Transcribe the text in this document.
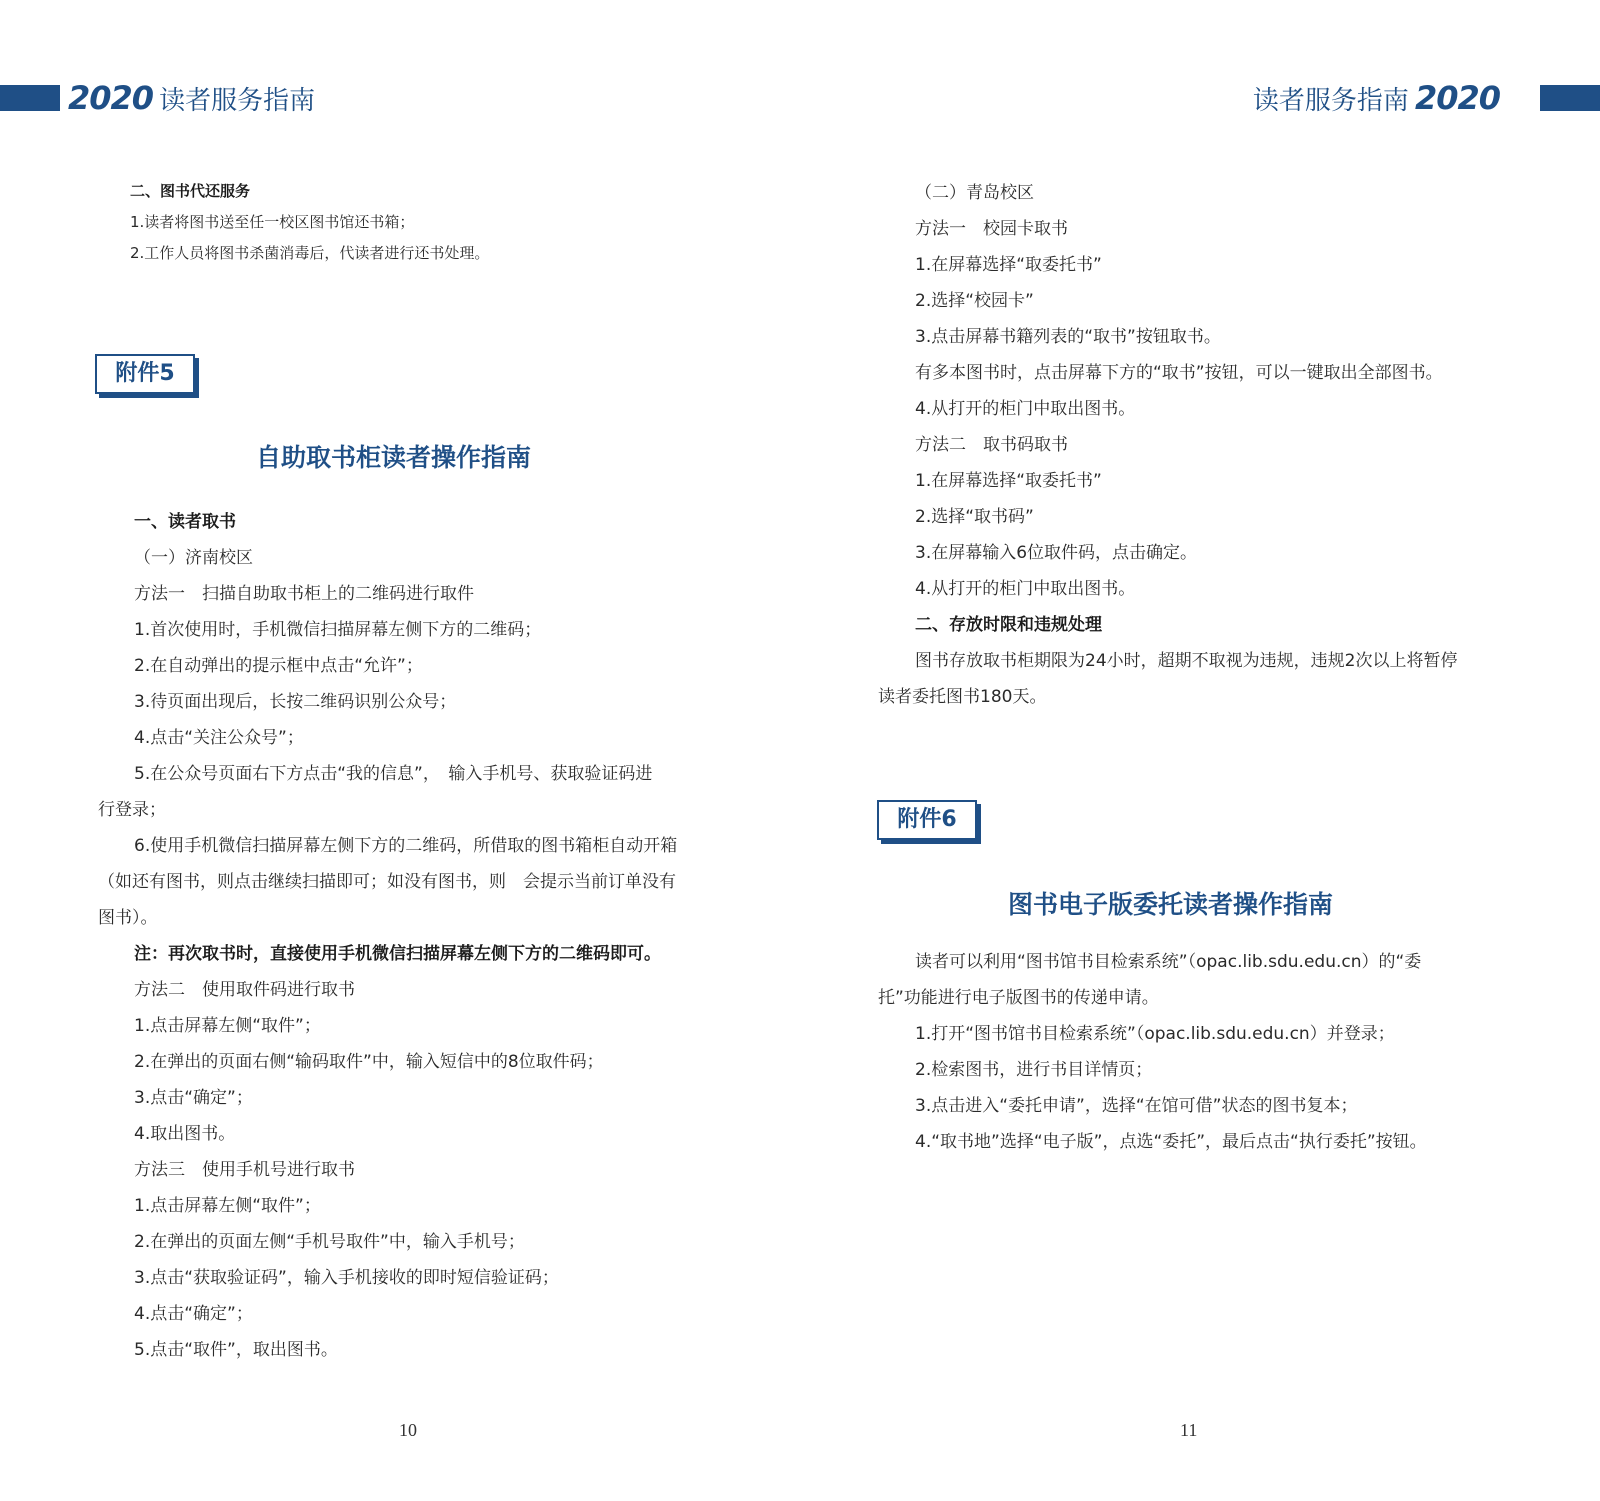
2020 读者服务指南	读者服务指南 2020
二、图书代还服务
1.读者将图书送至任一校区图书馆还书箱；
2.工作人员将图书杀菌消毒后，代读者进行还书处理。
附件5
自助取书柜读者操作指南
一、读者取书
（一）济南校区
方法一　扫描自助取书柜上的二维码进行取件
1.首次使用时，手机微信扫描屏幕左侧下方的二维码；
2.在自动弹出的提示框中点击“允许”；
3.待页面出现后，长按二维码识别公众号；
4.点击“关注公众号”；
5.在公众号页面右下方点击“我的信息”，　输入手机号、获取验证码进
行登录；
6.使用手机微信扫描屏幕左侧下方的二维码，所借取的图书箱柜自动开箱
（如还有图书，则点击继续扫描即可；如没有图书，则　会提示当前订单没有
图书）。
注：再次取书时，直接使用手机微信扫描屏幕左侧下方的二维码即可。
方法二　使用取件码进行取书
1.点击屏幕左侧“取件”；
2.在弹出的页面右侧“输码取件”中，输入短信中的8位取件码；
3.点击“确定”；
4.取出图书。
方法三　使用手机号进行取书
1.点击屏幕左侧“取件”；
2.在弹出的页面左侧“手机号取件”中，输入手机号；
3.点击“获取验证码”，输入手机接收的即时短信验证码；
4.点击“确定”；
5.点击“取件”，取出图书。
10
（二）青岛校区
方法一　校园卡取书
1.在屏幕选择“取委托书”
2.选择“校园卡”
3.点击屏幕书籍列表的“取书”按钮取书。
有多本图书时，点击屏幕下方的“取书”按钮，可以一键取出全部图书。
4.从打开的柜门中取出图书。
方法二　取书码取书
1.在屏幕选择“取委托书”
2.选择“取书码”
3.在屏幕输入6位取件码，点击确定。
4.从打开的柜门中取出图书。
二、存放时限和违规处理
图书存放取书柜期限为24小时，超期不取视为违规，违规2次以上将暂停
读者委托图书180天。
附件6
图书电子版委托读者操作指南
读者可以利用“图书馆书目检索系统”（opac.lib.sdu.edu.cn）的“委
托”功能进行电子版图书的传递申请。
1.打开“图书馆书目检索系统”（opac.lib.sdu.edu.cn）并登录；
2.检索图书，进行书目详情页；
3.点击进入“委托申请”，选择“在馆可借”状态的图书复本；
4.“取书地”选择“电子版”，点选“委托”，最后点击“执行委托”按钮。
11
